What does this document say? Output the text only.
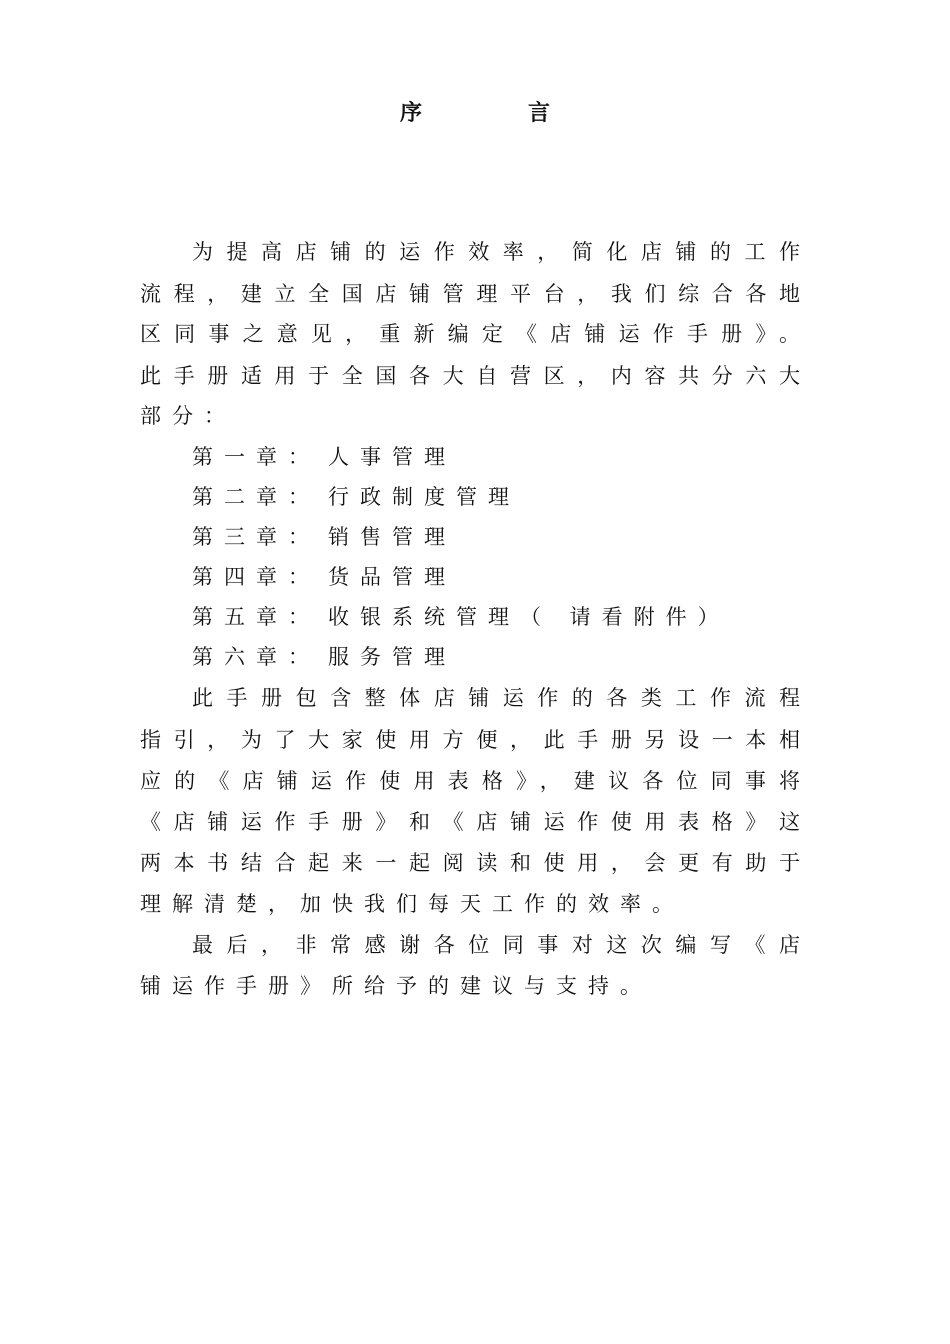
序　言
为提高店铺的运作效率，简化店铺的工作
流程，建立全国店铺管理平台，我们综合各地
区同事之意见，重新编定《店铺运作手册》。
此手册适用于全国各大自营区，内容共分六大
部分：
第一章： 人事管理
第二章： 行政制度管理
第三章： 销售管理
第四章： 货品管理
第五章： 收银系统管理（ 请看附件）
第六章： 服务管理
此手册包含整体店铺运作的各类工作流程
指引，为了大家使用方便，此手册另设一本相
应的《店铺运作使用表格》，建议各位同事将
《店铺运作手册》和《店铺运作使用表格》这
两本书结合起来一起阅读和使用，会更有助于
理解清楚，加快我们每天工作的效率。
最后，非常感谢各位同事对这次编写《店
铺运作手册》所给予的建议与支持。
